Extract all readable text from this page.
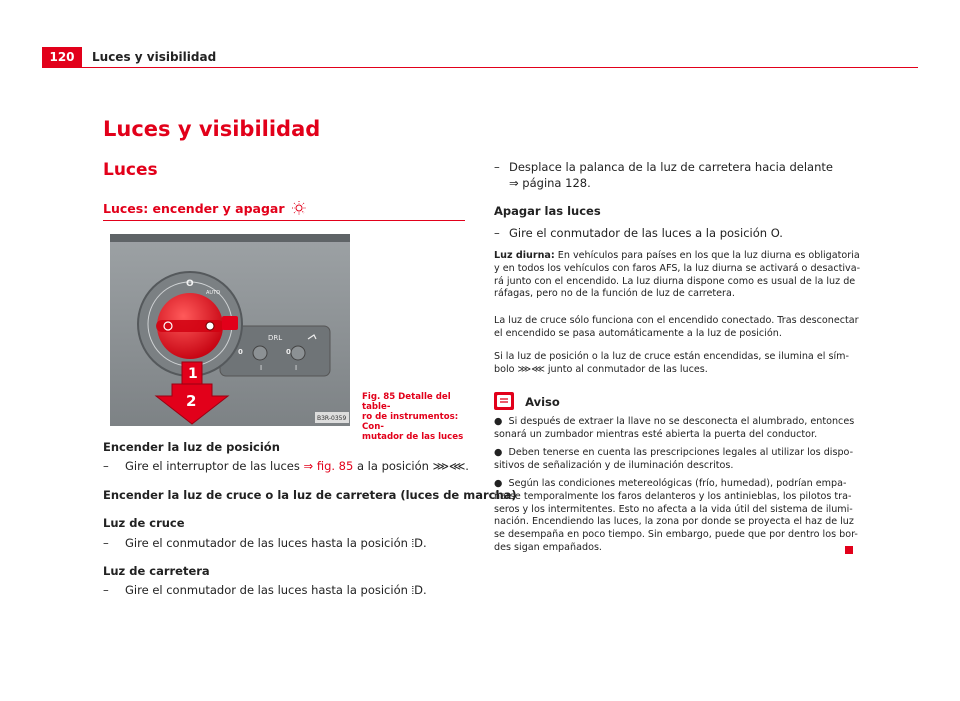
120	Luces y visibilidad
Luces y visibilidad
Luces
Luces: encender y apagar
DRL
0	0
I	I
O
AUTO
1
2
B3R-0359
Fig. 85 Detalle del table-
ro de instrumentos: Con-
mutador de las luces
Encender la luz de posición
– Gire el interruptor de las luces ⇒ fig. 85 a la posición ⋙⋘.
Encender la luz de cruce o la luz de carretera (luces de marcha)
Luz de cruce
– Gire el conmutador de las luces hasta la posición ⦙D.
Luz de carretera
– Gire el conmutador de las luces hasta la posición ⦙D.
– Desplace la palanca de la luz de carretera hacia delante
⇒ página 128.
Apagar las luces
– Gire el conmutador de las luces a la posición O.
Luz diurna: En vehículos para países en los que la luz diurna es obligatoria
y en todos los vehículos con faros AFS, la luz diurna se activará o desactiva-
rá junto con el encendido. La luz diurna dispone como es usual de la luz de
ráfagas, pero no de la función de luz de carretera.
La luz de cruce sólo funciona con el encendido conectado. Tras desconectar
el encendido se pasa automáticamente a la luz de posición.
Si la luz de posición o la luz de cruce están encendidas, se ilumina el sím-
bolo ⋙⋘ junto al conmutador de las luces.
Aviso
● Si después de extraer la llave no se desconecta el alumbrado, entonces
sonará un zumbador mientras esté abierta la puerta del conductor.
● Deben tenerse en cuenta las prescripciones legales al utilizar los dispo-
sitivos de señalización y de iluminación descritos.
● Según las condiciones metereológicas (frío, humedad), podrían empa-
ñarse temporalmente los faros delanteros y los antinieblas, los pilotos tra-
seros y los intermitentes. Esto no afecta a la vida útil del sistema de ilumi-
nación. Encendiendo las luces, la zona por donde se proyecta el haz de luz
se desempaña en poco tiempo. Sin embargo, puede que por dentro los bor-
des sigan empañados.
